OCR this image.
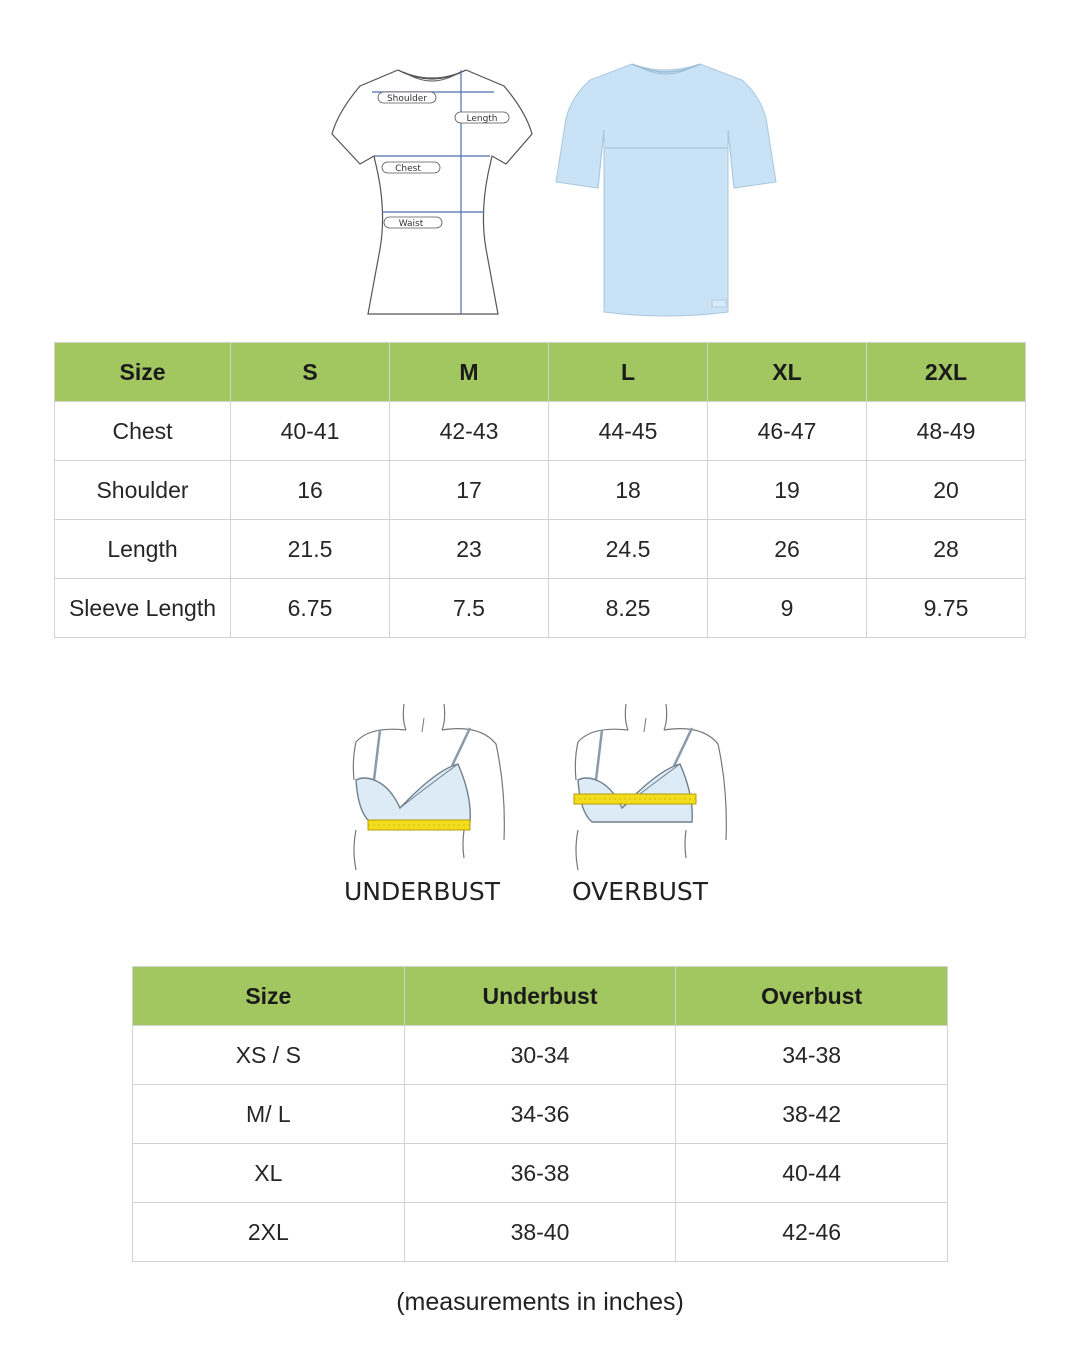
Shoulder
Length
Chest
Waist
Size	S	M	L	XL	2XL
Chest	40-41	42-43	44-45	46-47	48-49
Shoulder	16	17	18	19	20
Length	21.5	23	24.5	26	28
Sleeve Length	6.75	7.5	8.25	9	9.75
UNDERBUST	OVERBUST
Size	Underbust	Overbust
XS / S	30-34	34-38
M/ L	34-36	38-42
XL	36-38	40-44
2XL	38-40	42-46
(measurements in inches)
